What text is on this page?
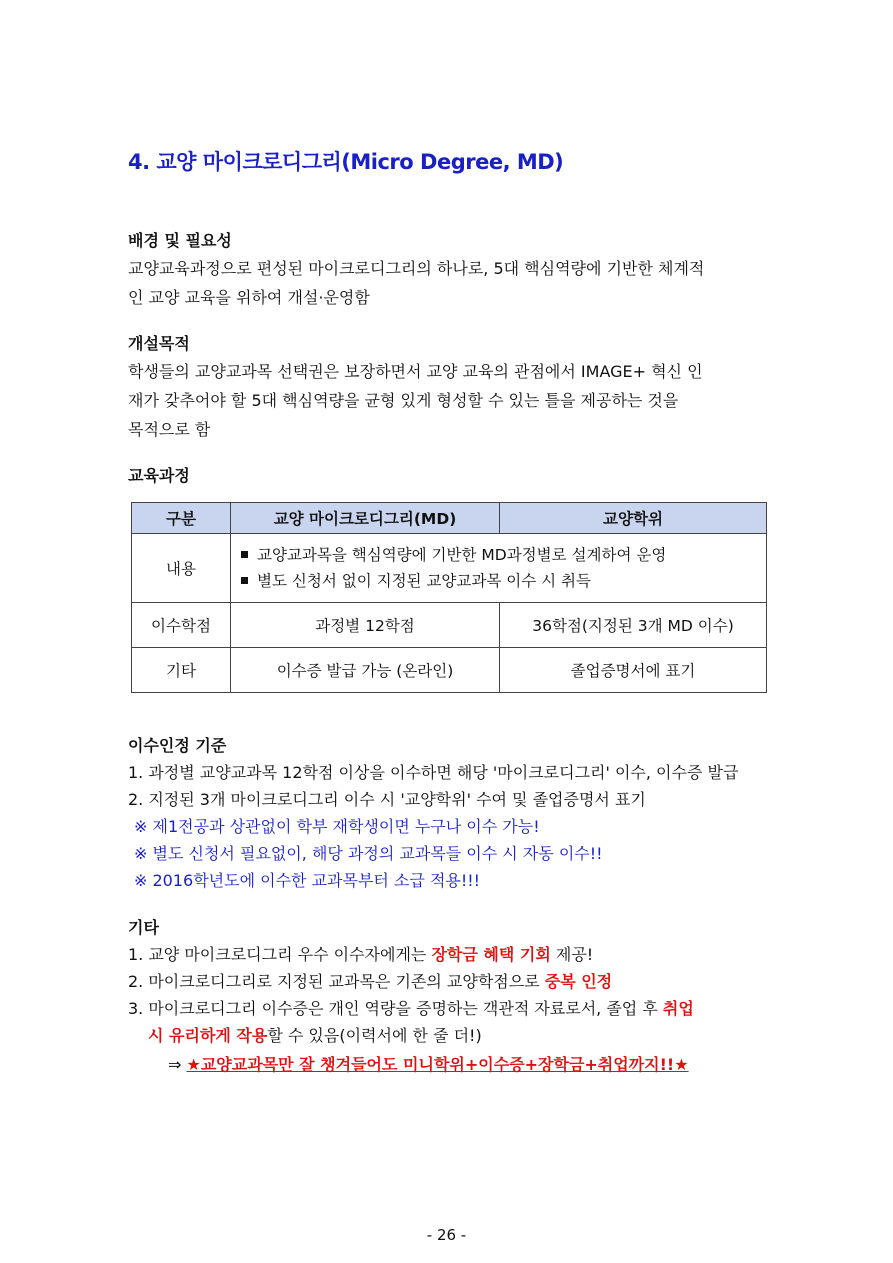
4. 교양 마이크로디그리(Micro Degree, MD)
배경 및 필요성
교양교육과정으로 편성된 마이크로디그리의 하나로, 5대 핵심역량에 기반한 체계적
인 교양 교육을 위하여 개설·운영함
개설목적
학생들의 교양교과목 선택권은 보장하면서 교양 교육의 관점에서 IMAGE+ 혁신 인
재가 갖추어야 할 5대 핵심역량을 균형 있게 형성할 수 있는 틀을 제공하는 것을
목적으로 함
교육과정
구분	교양 마이크로디그리(MD)	교양학위
내용	교양교과목을 핵심역량에 기반한 MD과정별로 설계하여 운영
별도 신청서 없이 지정된 교양교과목 이수 시 취득	

이수학점	과정별 12학점	36학점(지정된 3개 MD 이수)
기타	이수증 발급 가능 (온라인)	졸업증명서에 표기
이수인정 기준
1. 과정별 교양교과목 12학점 이상을 이수하면 해당 '마이크로디그리' 이수, 이수증 발급
2. 지정된 3개 마이크로디그리 이수 시 '교양학위' 수여 및 졸업증명서 표기
※ 제1전공과 상관없이 학부 재학생이면 누구나 이수 가능!
※ 별도 신청서 필요없이, 해당 과정의 교과목들 이수 시 자동 이수!!
※ 2016학년도에 이수한 교과목부터 소급 적용!!!
기타
1. 교양 마이크로디그리 우수 이수자에게는 장학금 혜택 기회 제공!
2. 마이크로디그리로 지정된 교과목은 기존의 교양학점으로 중복 인정
3. 마이크로디그리 이수증은 개인 역량을 증명하는 객관적 자료로서, 졸업 후 취업
시 유리하게 작용할 수 있음(이력서에 한 줄 더!)
⇒ ★교양교과목만 잘 챙겨들어도 미니학위+이수증+장학금+취업까지!!★
- 26 -
